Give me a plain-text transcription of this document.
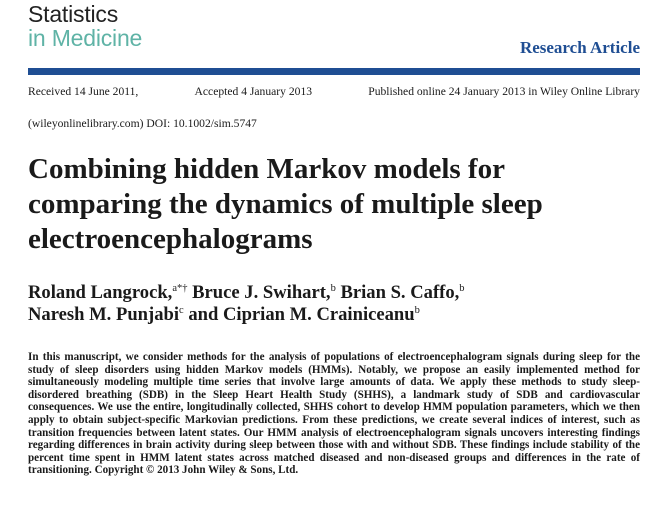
Statistics
in Medicine	Research Article
Received 14 June 2011,	Accepted 4 January 2013	Published online 24 January 2013 in Wiley Online Library
(wileyonlinelibrary.com) DOI: 10.1002/sim.5747
Combining hidden Markov models for comparing the dynamics of multiple sleep electroencephalograms
Roland Langrock,$^{a*\dagger}$ Bruce J. Swihart,$^b$ Brian S. Caffo,$^b$
Naresh M. Punjabi$^c$ and Ciprian M. Crainiceanu$^b$

In this manuscript, we consider methods for the analysis of populations of electroencephalogram signals during sleep for the study of sleep disorders using hidden Markov models (HMMs). Notably, we propose an easily implemented method for simultaneously modeling multiple time series that involve large amounts of data. We apply these methods to study sleep-disordered breathing (SDB) in the Sleep Heart Health Study (SHHS), a landmark study of SDB and cardiovascular consequences. We use the entire, longitudinally collected, SHHS cohort to develop HMM population parameters, which we then apply to obtain subject-specific Markovian predictions. From these predictions, we create several indices of interest, such as transition frequencies between latent states. Our HMM analysis of electroencephalogram signals uncovers interesting findings regarding differences in brain activity during sleep between those with and without SDB. These findings include stability of the percent time spent in HMM latent states across matched diseased and non-diseased groups and differences in the rate of transitioning. Copyright © 2013 John Wiley & Sons, Ltd.
